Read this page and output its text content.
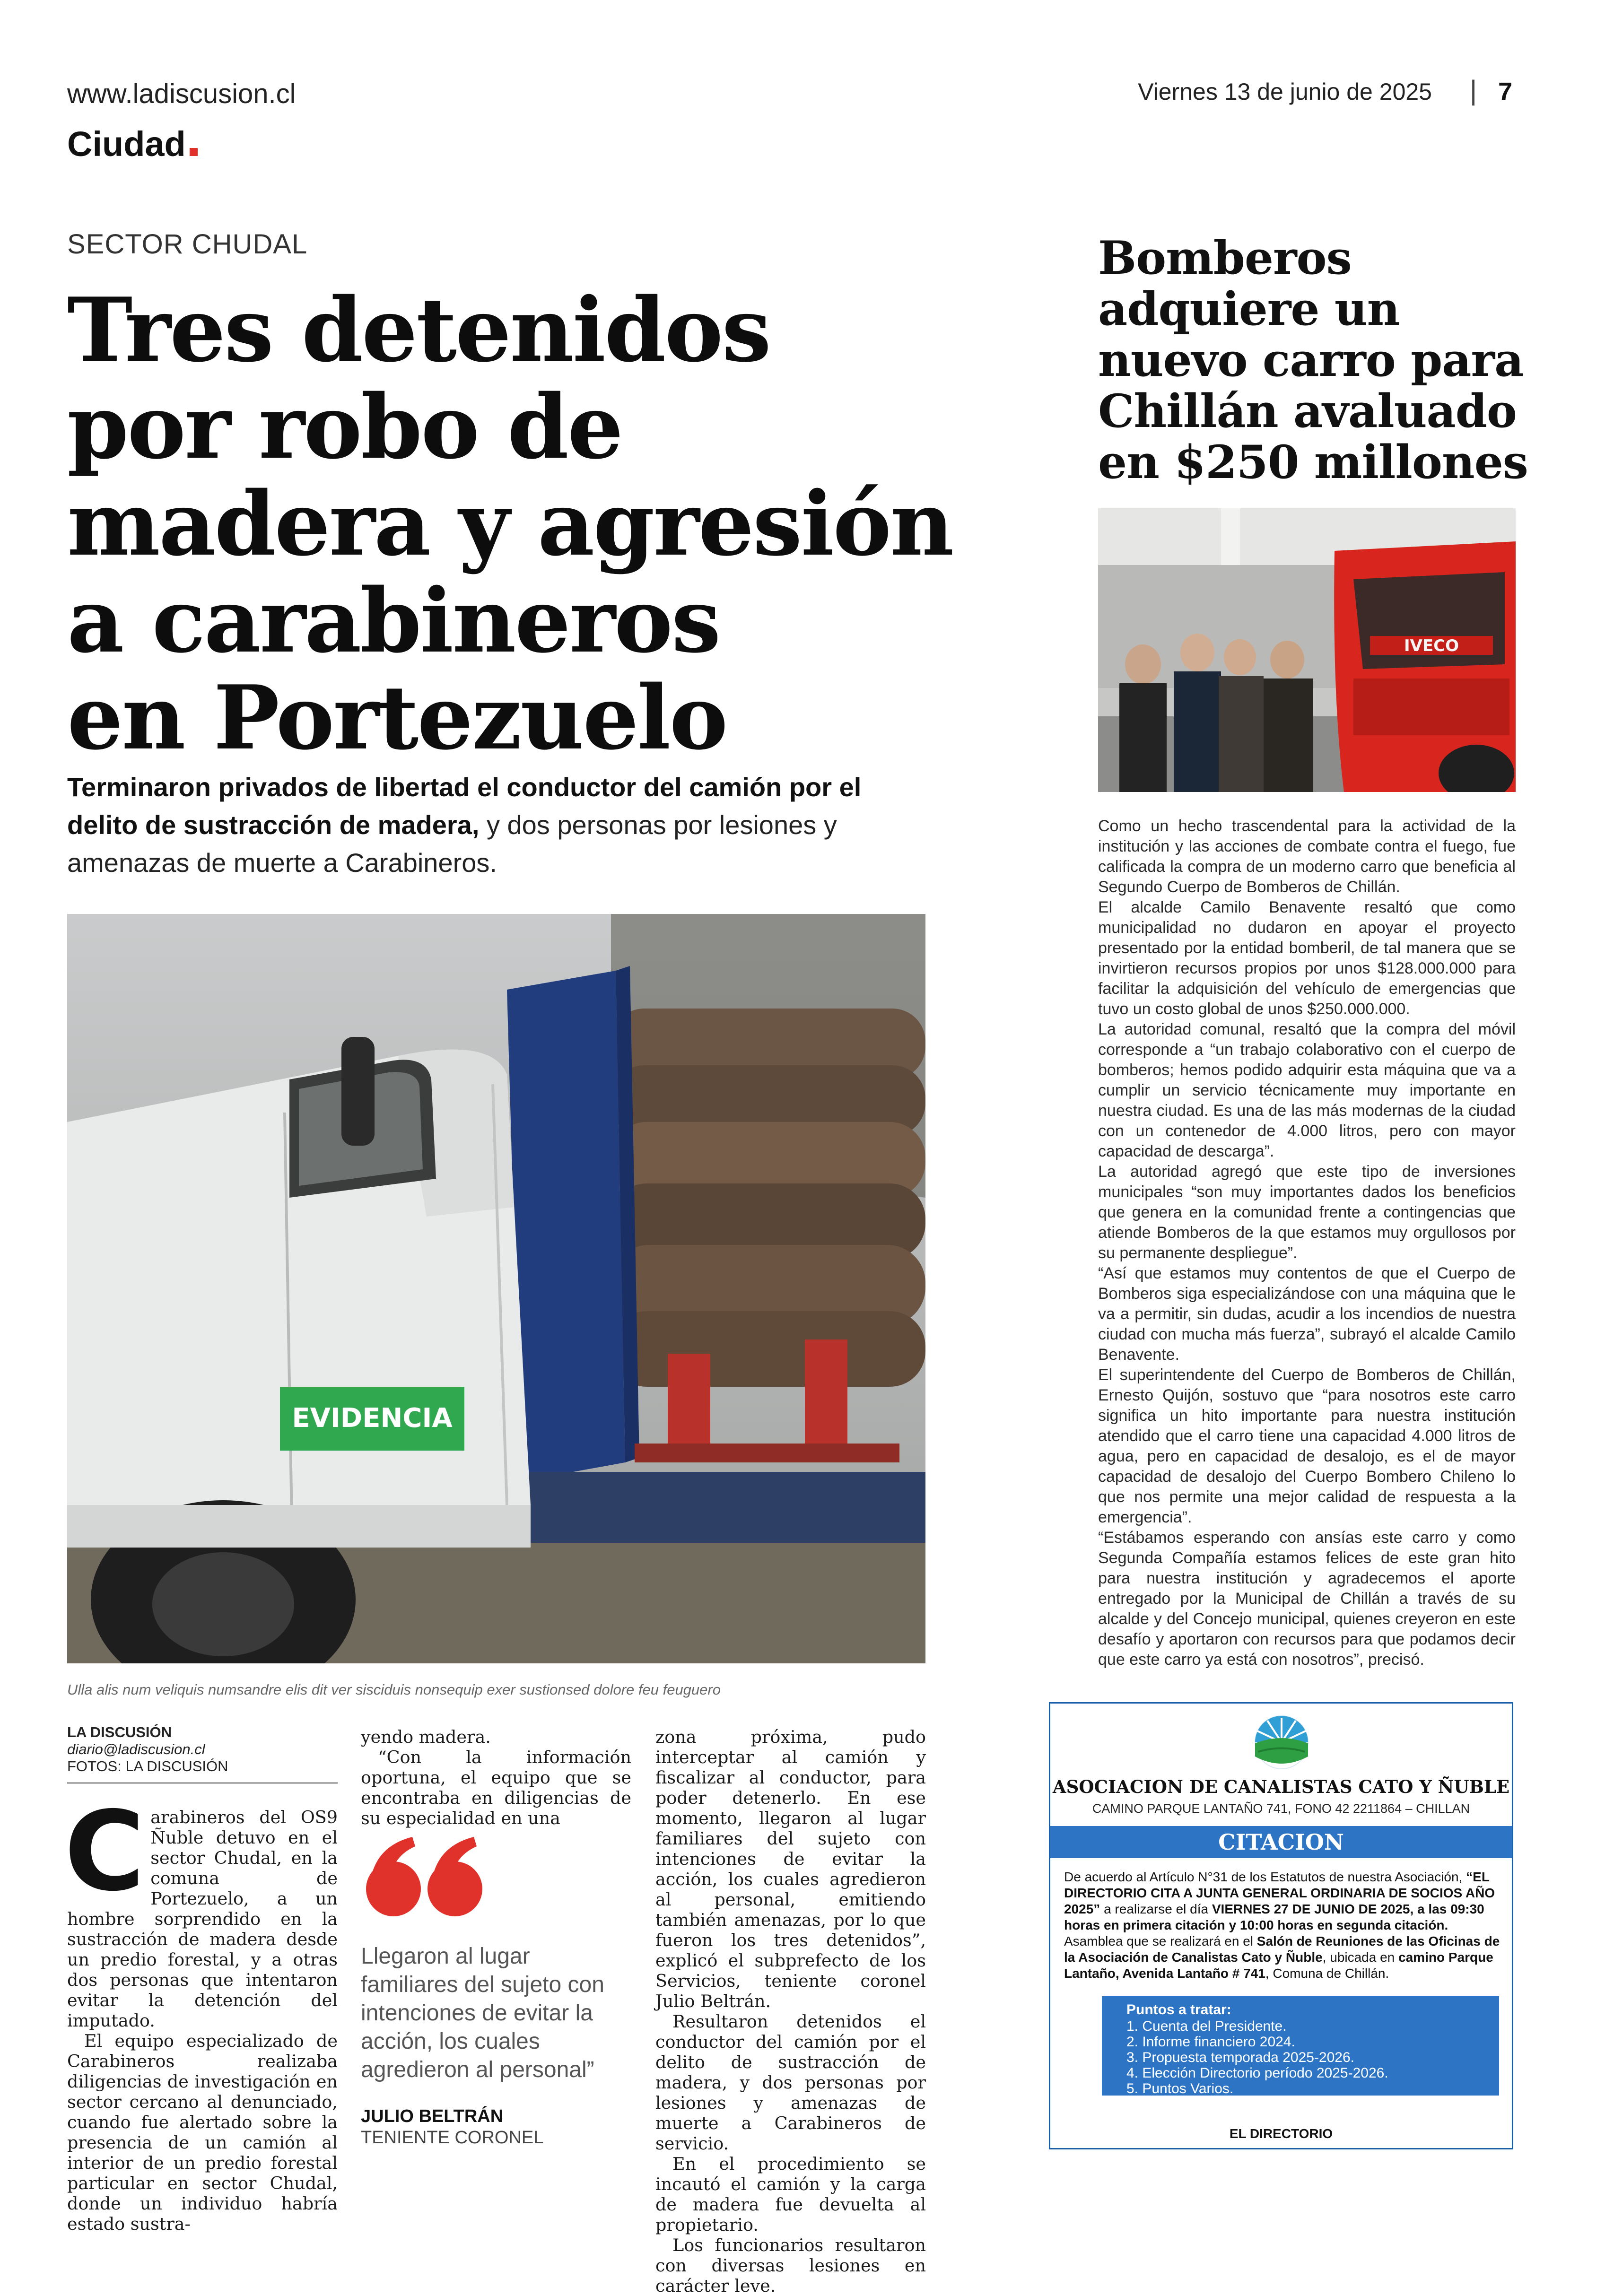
www.ladiscusion.cl	Viernes 13 de junio de 2025 | 7
Ciudad
SECTOR CHUDAL
Tres detenidos
por robo de
madera y agresión
a carabineros
en Portezuelo
Terminaron privados de libertad el conductor del camión por el delito de sustracción de madera, y dos personas por lesiones y amenazas de muerte a Carabineros.
EVIDENCIA
Ulla alis num veliquis numsandre elis dit ver sisciduis nonsequip exer sustionsed dolore feu feuguero
LA DISCUSIÓN
diario@ladiscusion.cl
FOTOS: LA DISCUSIÓN
C arabineros del OS9 Ñuble detuvo en el sector Chudal, en la comuna de Portezuelo, a un hombre sorprendido en la sustracción de madera desde un predio forestal, y a otras dos personas que intentaron evitar la detención del imputado.

El equipo especializado de Carabineros realizaba diligencias de investigación en sector cercano al denunciado, cuando fue alertado sobre la presencia de un camión al interior de un predio forestal particular en sector Chudal, donde un individuo habría estado sustra-

yendo madera.

“Con la información oportuna, el equipo que se encontraba en diligencias de su especialidad en una

Llegaron al lugar familiares del sujeto con intenciones de evitar la acción, los cuales agredieron al personal”
JULIO BELTRÁN
TENIENTE CORONEL

zona próxima, pudo interceptar al camión y fiscalizar al conductor, para poder detenerlo. En ese momento, llegaron al lugar familiares del sujeto con intenciones de evitar la acción, los cuales agredieron al personal, emitiendo también amenazas, por lo que fueron los tres detenidos”, explicó el subprefecto de los Servicios, teniente coronel Julio Beltrán.

Resultaron detenidos el conductor del camión por el delito de sustracción de madera, y dos personas por lesiones y amenazas de muerte a Carabineros de servicio.

En el procedimiento se incautó el camión y la carga de madera fue devuelta al propietario.

Los funcionarios resultaron con diversas lesiones en carácter leve.

Bomberos
adquiere un
nuevo carro para
Chillán avaluado
en $250 millones
IVECO

Como un hecho trascendental para la actividad de la institución y las acciones de combate contra el fuego, fue calificada la compra de un moderno carro que beneficia al Segundo Cuerpo de Bomberos de Chillán.

El alcalde Camilo Benavente resaltó que como municipalidad no dudaron en apoyar el proyecto presentado por la entidad bomberil, de tal manera que se invirtieron recursos propios por unos $128.000.000 para facilitar la adquisición del vehículo de emergencias que tuvo un costo global de unos $250.000.000.

La autoridad comunal, resaltó que la compra del móvil corresponde a “un trabajo colaborativo con el cuerpo de bomberos; hemos podido adquirir esta máquina que va a cumplir un servicio técnicamente muy importante en nuestra ciudad. Es una de las más modernas de la ciudad con un contenedor de 4.000 litros, pero con mayor capacidad de descarga”.

La autoridad agregó que este tipo de inversiones municipales “son muy importantes dados los beneficios que genera en la comunidad frente a contingencias que atiende Bomberos de la que estamos muy orgullosos por su permanente despliegue”.

“Así que estamos muy contentos de que el Cuerpo de Bomberos siga especializándose con una máquina que le va a permitir, sin dudas, acudir a los incendios de nuestra ciudad con mucha más fuerza”, subrayó el alcalde Camilo Benavente.

El superintendente del Cuerpo de Bomberos de Chillán, Ernesto Quijón, sostuvo que “para nosotros este carro significa un hito importante para nuestra institución atendido que el carro tiene una capacidad 4.000 litros de agua, pero en capacidad de desalojo, es el de mayor capacidad de desalojo del Cuerpo Bombero Chileno lo que nos permite una mejor calidad de respuesta a la emergencia”.

“Estábamos esperando con ansías este carro y como Segunda Compañía estamos felices de este gran hito para nuestra institución y agradecemos el aporte entregado por la Municipal de Chillán a través de su alcalde y del Concejo municipal, quienes creyeron en este desafío y aportaron con recursos para que podamos decir que este carro ya está con nosotros”, precisó.

ASOCIACION DE CANALISTAS CATO Y ÑUBLE
CAMINO PARQUE LANTAÑO 741, FONO 42 2211864 – CHILLAN
CITACION
De acuerdo al Artículo N°31 de los Estatutos de nuestra Asociación, “EL DIRECTORIO CITA A JUNTA GENERAL ORDINARIA DE SOCIOS AÑO 2025” a realizarse el día VIERNES 27 DE JUNIO DE 2025, a las 09:30 horas en primera citación y 10:00 horas en segunda citación.
Asamblea que se realizará en el Salón de Reuniones de las Oficinas de la Asociación de Canalistas Cato y Ñuble, ubicada en camino Parque Lantaño, Avenida Lantaño # 741, Comuna de Chillán.
Puntos a tratar:
1. Cuenta del Presidente.
2. Informe financiero 2024.
3. Propuesta temporada 2025-2026.
4. Elección Directorio período 2025-2026.
5. Puntos Varios.
EL DIRECTORIO
